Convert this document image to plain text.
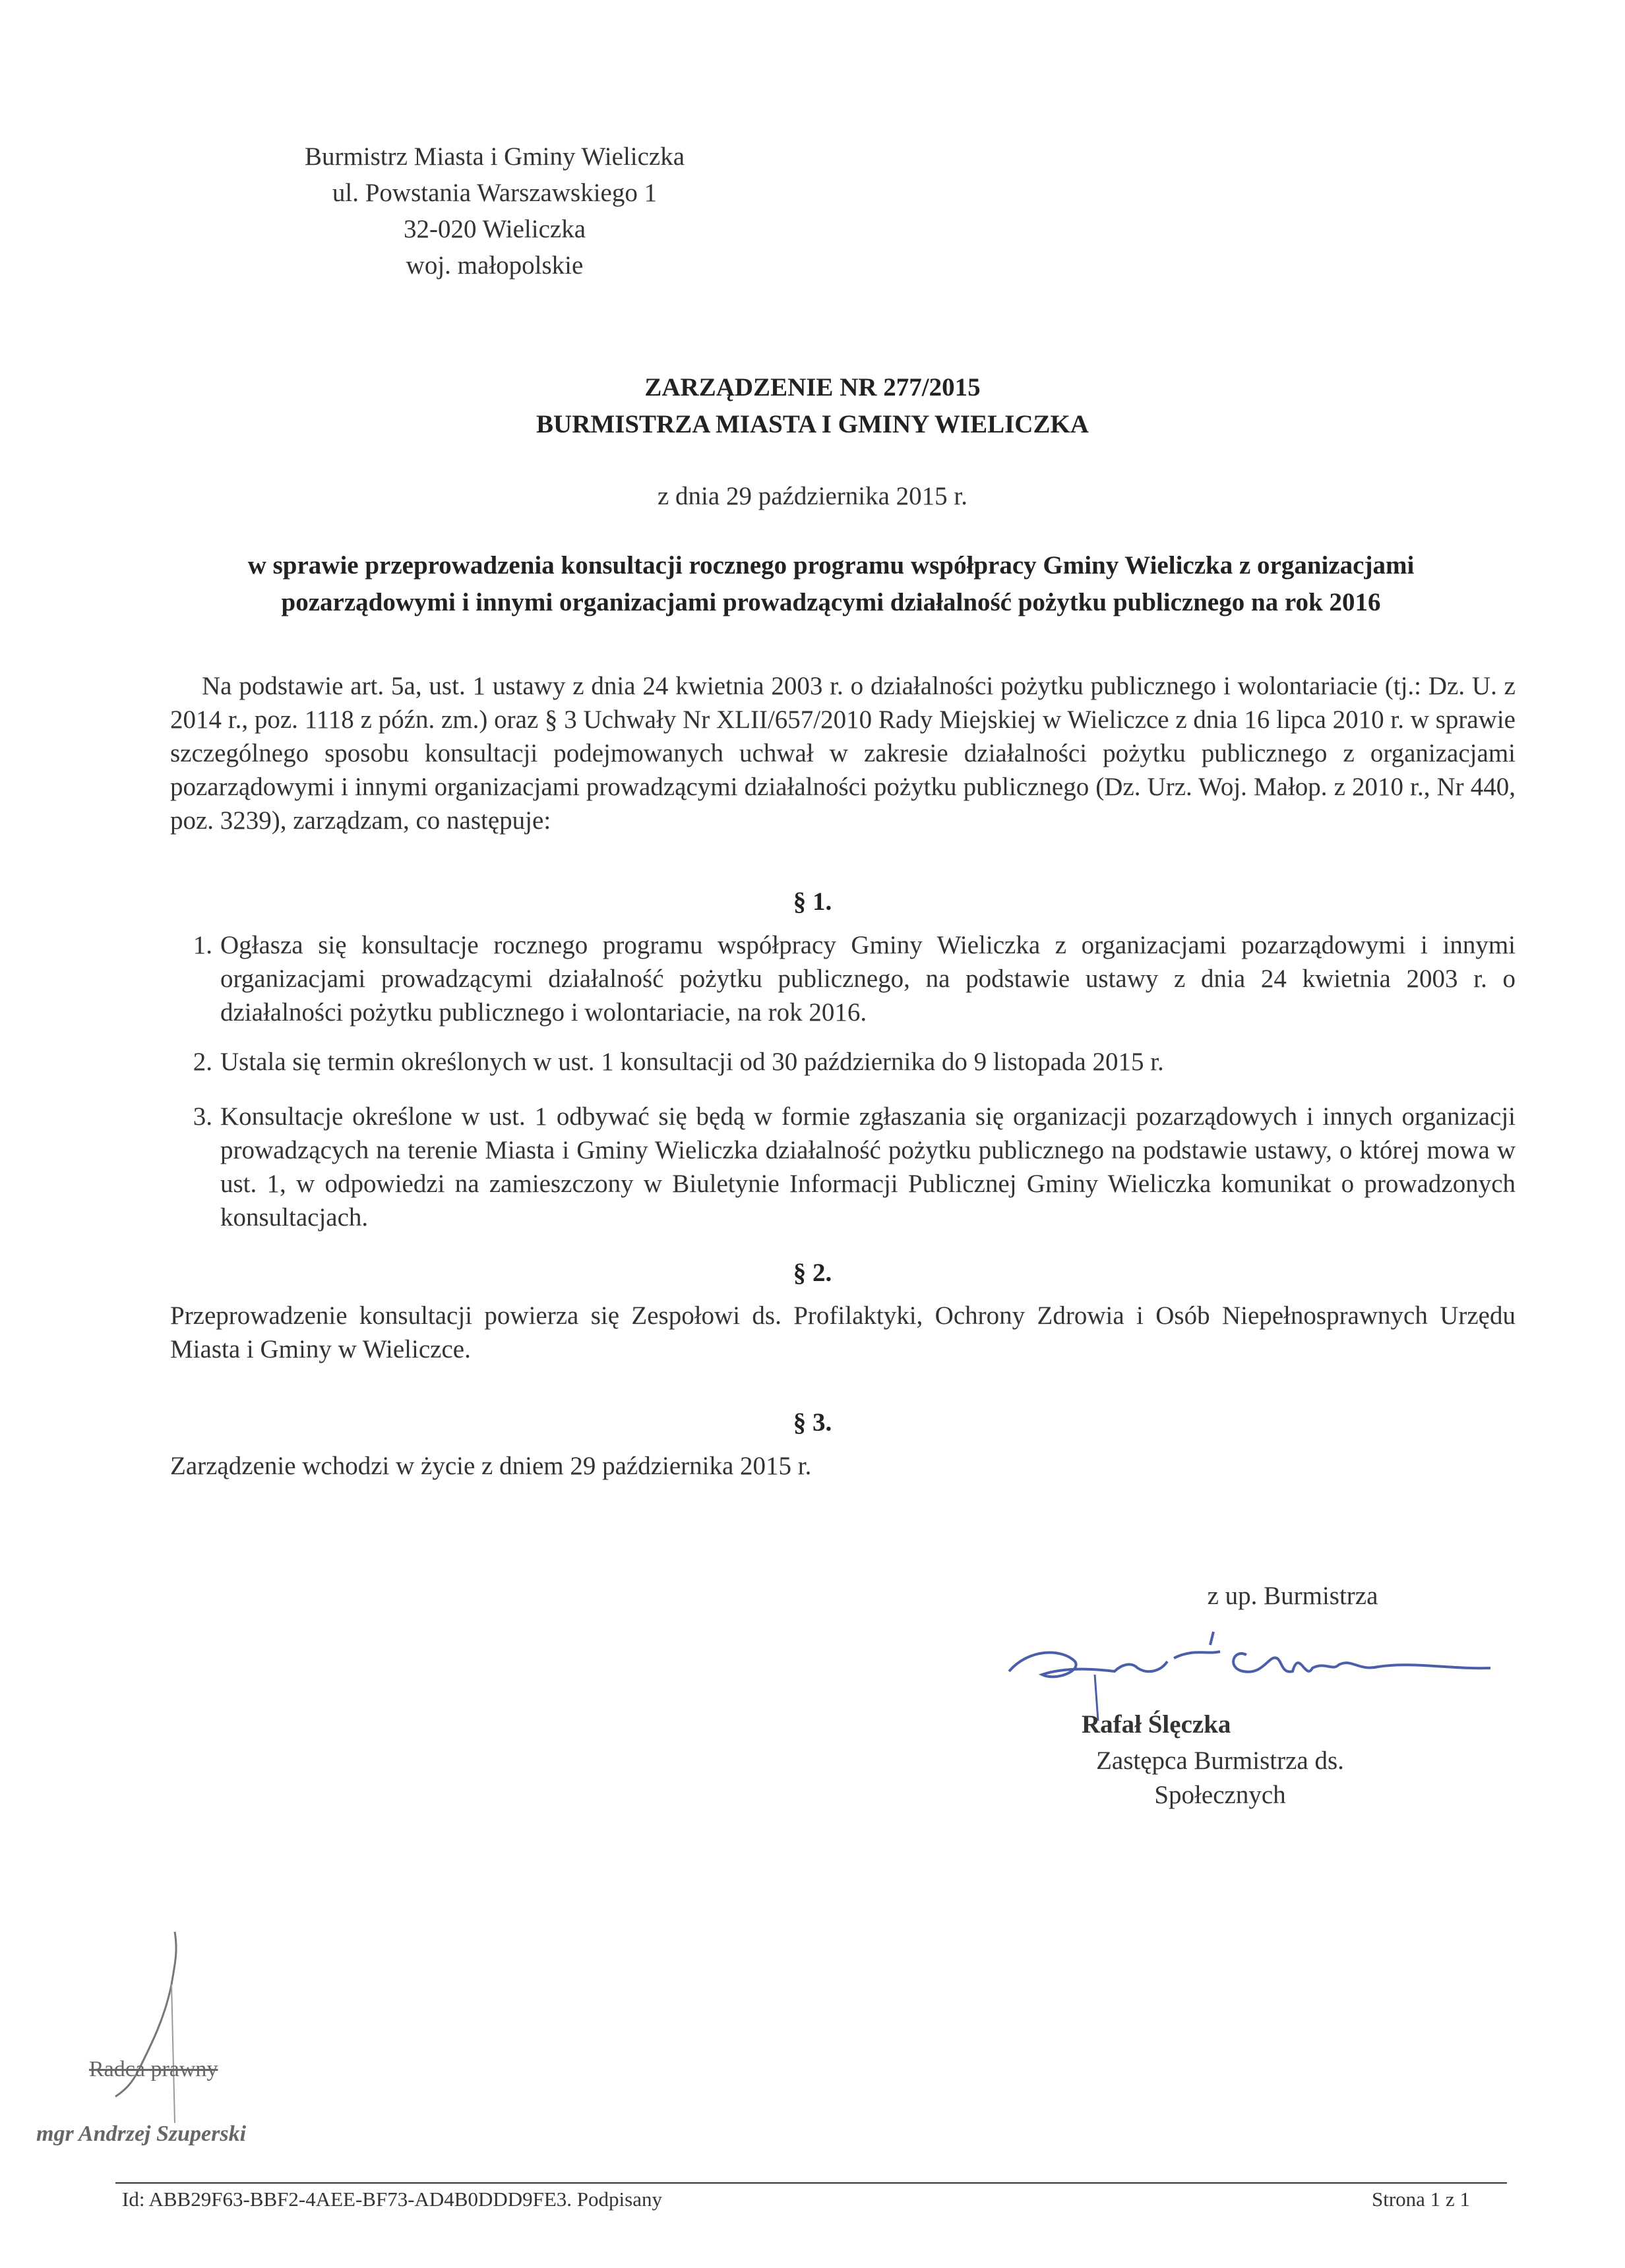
Burmistrz Miasta i Gminy Wieliczka
ul. Powstania Warszawskiego 1
32-020 Wieliczka
woj. małopolskie
ZARZĄDZENIE NR 277/2015
BURMISTRZA MIASTA I GMINY WIELICZKA
z dnia 29 października 2015 r.
w sprawie przeprowadzenia konsultacji rocznego programu współpracy Gminy Wieliczka z organizacjami
pozarządowymi i innymi organizacjami prowadzącymi działalność pożytku publicznego na rok 2016
Na podstawie art. 5a, ust. 1 ustawy z dnia 24 kwietnia 2003 r. o działalności pożytku publicznego i wolontariacie (tj.: Dz. U. z 2014 r., poz. 1118 z późn. zm.) oraz § 3 Uchwały Nr XLII/657/2010 Rady Miejskiej w Wieliczce z dnia 16 lipca 2010 r. w sprawie szczególnego sposobu konsultacji podejmowanych uchwał w zakresie działalności pożytku publicznego z organizacjami pozarządowymi i innymi organizacjami prowadzącymi działalności pożytku publicznego (Dz. Urz. Woj. Małop. z 2010 r., Nr 440, poz. 3239), zarządzam, co następuje:
§ 1.
1. Ogłasza się konsultacje rocznego programu współpracy Gminy Wieliczka z organizacjami pozarządowymi i innymi organizacjami prowadzącymi działalność pożytku publicznego, na podstawie ustawy z dnia 24 kwietnia 2003 r. o działalności pożytku publicznego i wolontariacie, na rok 2016.
2. Ustala się termin określonych w ust. 1 konsultacji od 30 października do 9 listopada 2015 r.
3. Konsultacje określone w ust. 1 odbywać się będą w formie zgłaszania się organizacji pozarządowych i innych organizacji prowadzących na terenie Miasta i Gminy Wieliczka działalność pożytku publicznego na podstawie ustawy, o której mowa w ust. 1, w odpowiedzi na zamieszczony w Biuletynie Informacji Publicznej Gminy Wieliczka komunikat o prowadzonych konsultacjach.
§ 2.
Przeprowadzenie konsultacji powierza się Zespołowi ds. Profilaktyki, Ochrony Zdrowia i Osób Niepełnosprawnych Urzędu Miasta i Gminy w Wieliczce.
§ 3.
Zarządzenie wchodzi w życie z dniem 29 października 2015 r.
z up. Burmistrza
Rafał Ślęczka
Zastępca Burmistrza ds.
Społecznych
Radca prawny
mgr Andrzej Szuperski
Id: ABB29F63-BBF2-4AEE-BF73-AD4B0DDD9FE3. Podpisany	Strona 1 z 1
